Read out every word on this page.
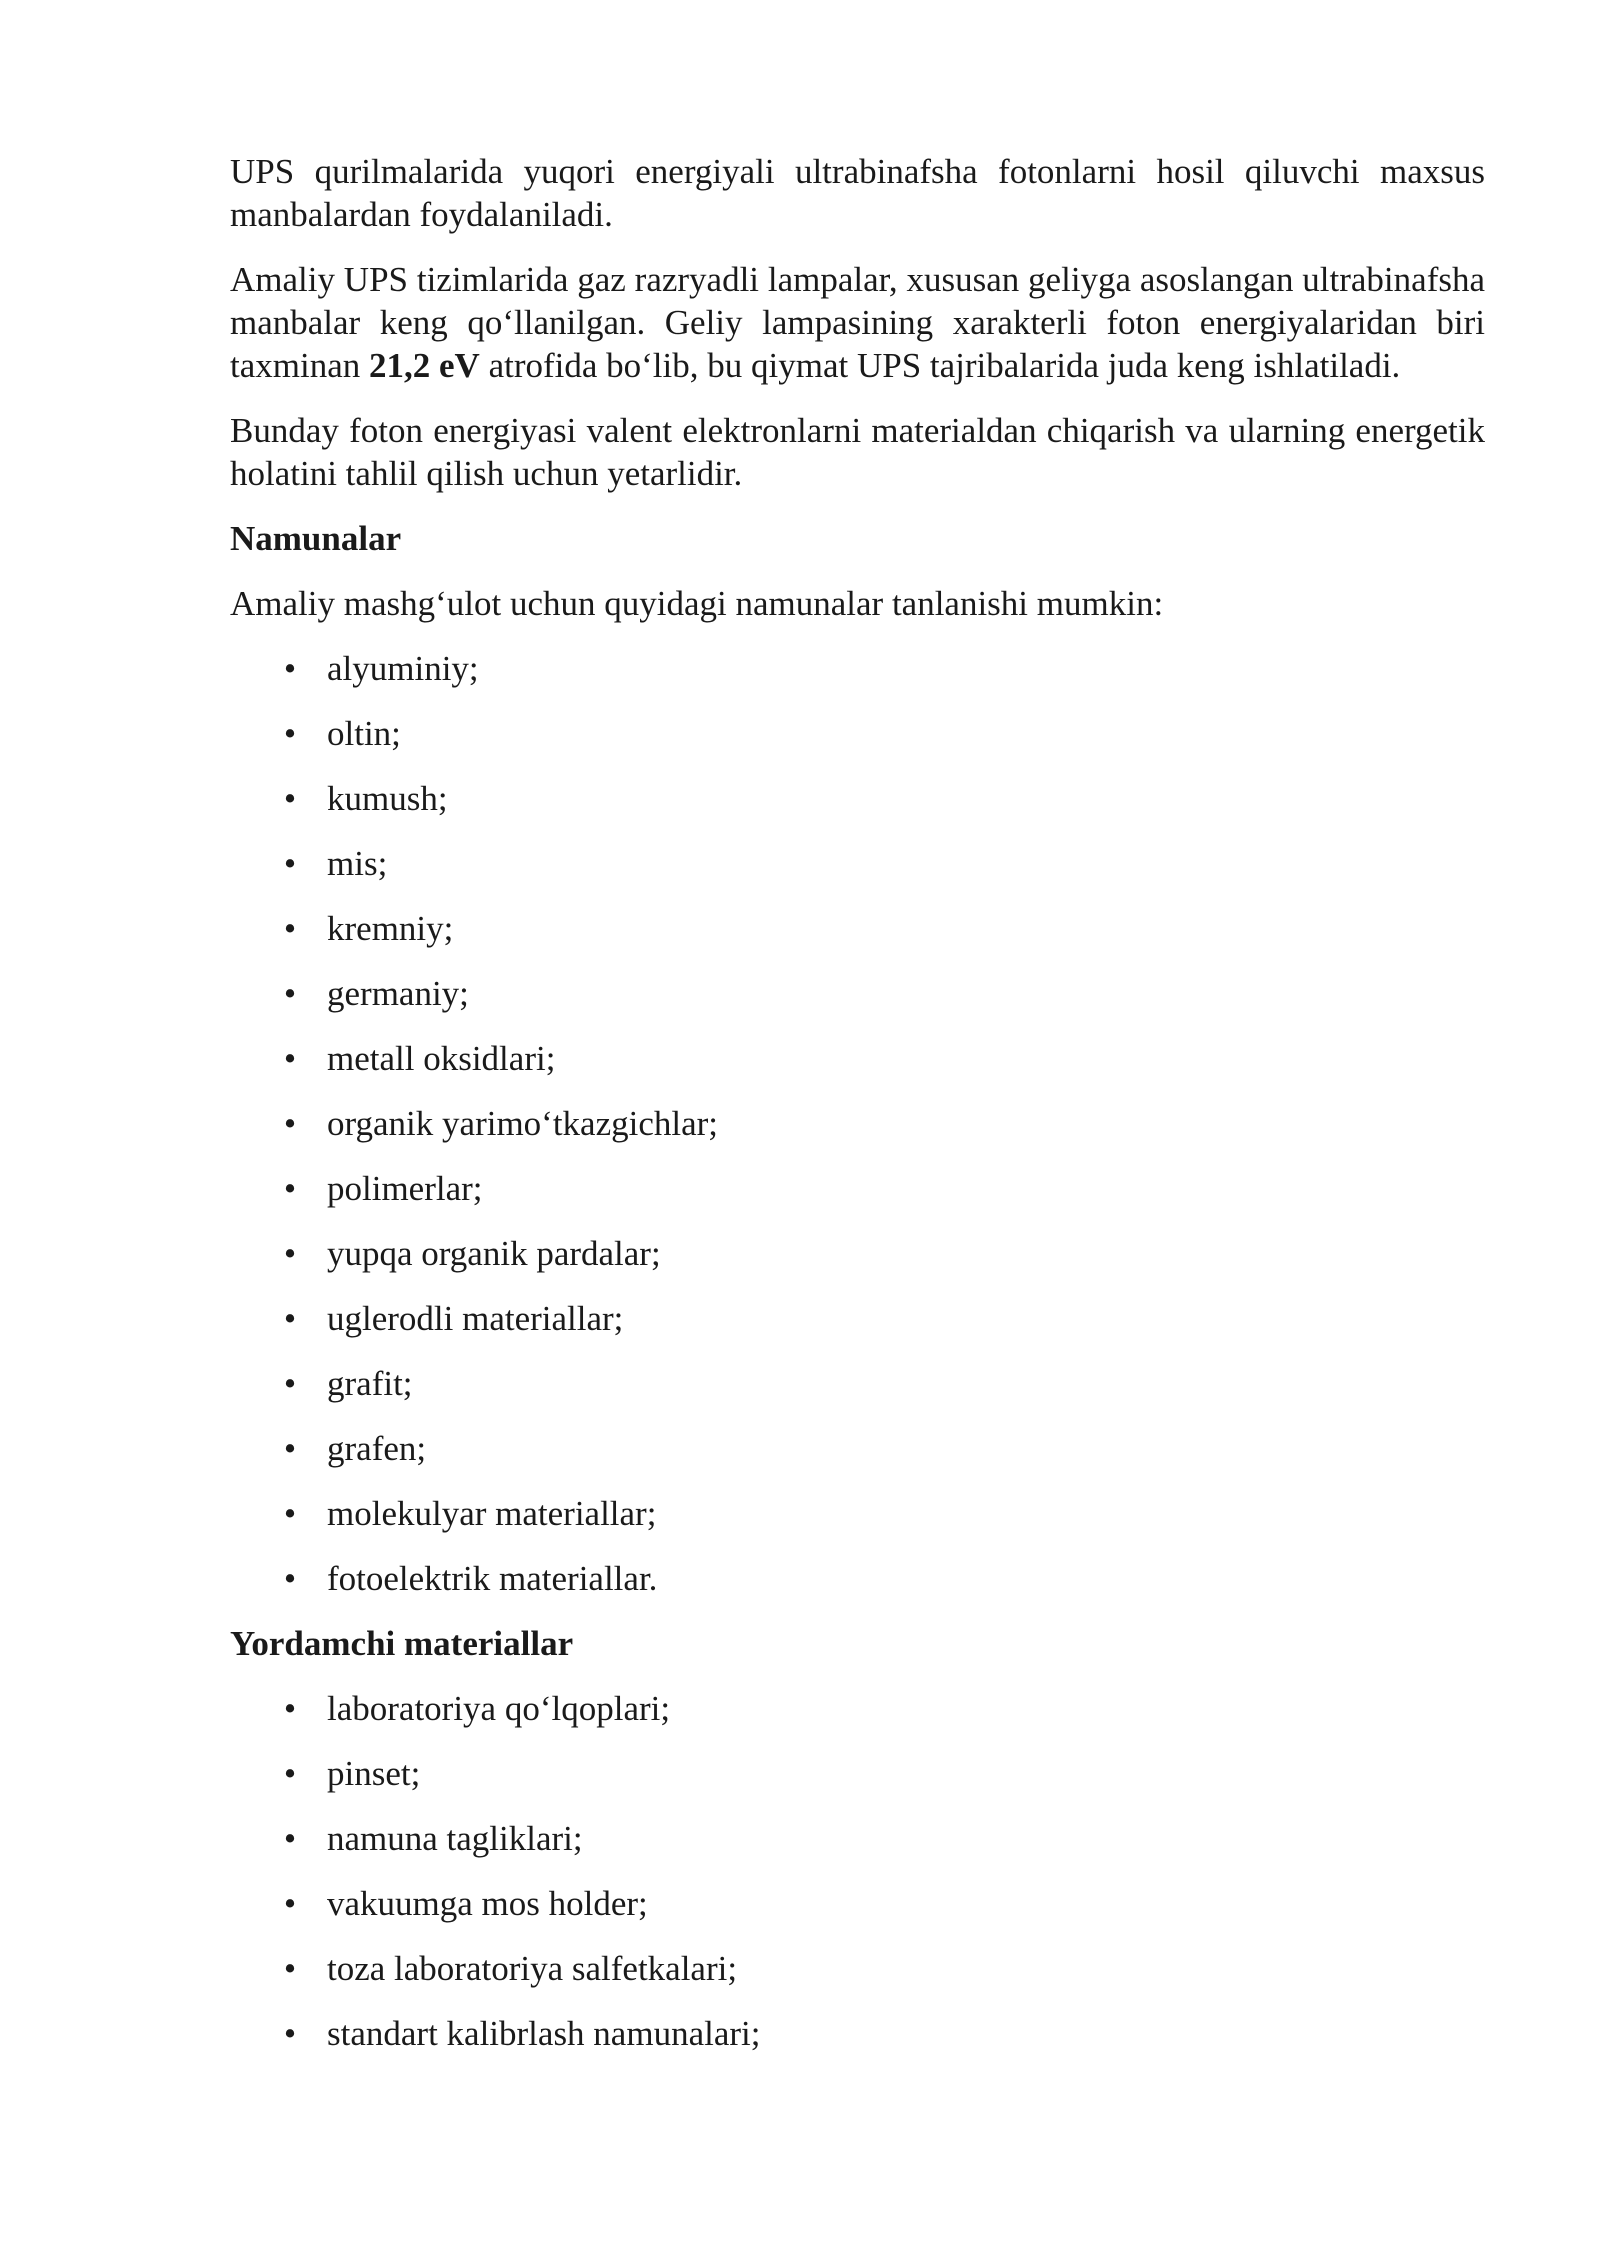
UPS qurilmalarida yuqori energiyali ultrabinafsha fotonlarni hosil qiluvchi maxsus manbalardan foydalaniladi.

Amaliy UPS tizimlarida gaz razryadli lampalar, xususan geliyga asoslangan ultrabinafsha manbalar keng qo‘llanilgan. Geliy lampasining xarakterli foton energiyalaridan biri taxminan 21,2 eV atrofida bo‘lib, bu qiymat UPS tajribalarida juda keng ishlatiladi.

Bunday foton energiyasi valent elektronlarni materialdan chiqarish va ularning energetik holatini tahlil qilish uchun yetarlidir.

Namunalar

Amaliy mashg‘ulot uchun quyidagi namunalar tanlanishi mumkin:

• alyuminiy;
• oltin;
• kumush;
• mis;
• kremniy;
• germaniy;
• metall oksidlari;
• organik yarimo‘tkazgichlar;
• polimerlar;
• yupqa organik pardalar;
• uglerodli materiallar;
• grafit;
• grafen;
• molekulyar materiallar;
• fotoelektrik materiallar.
Yordamchi materiallar
• laboratoriya qo‘lqoplari;
• pinset;
• namuna tagliklari;
• vakuumga mos holder;
• toza laboratoriya salfetkalari;
• standart kalibrlash namunalari;
